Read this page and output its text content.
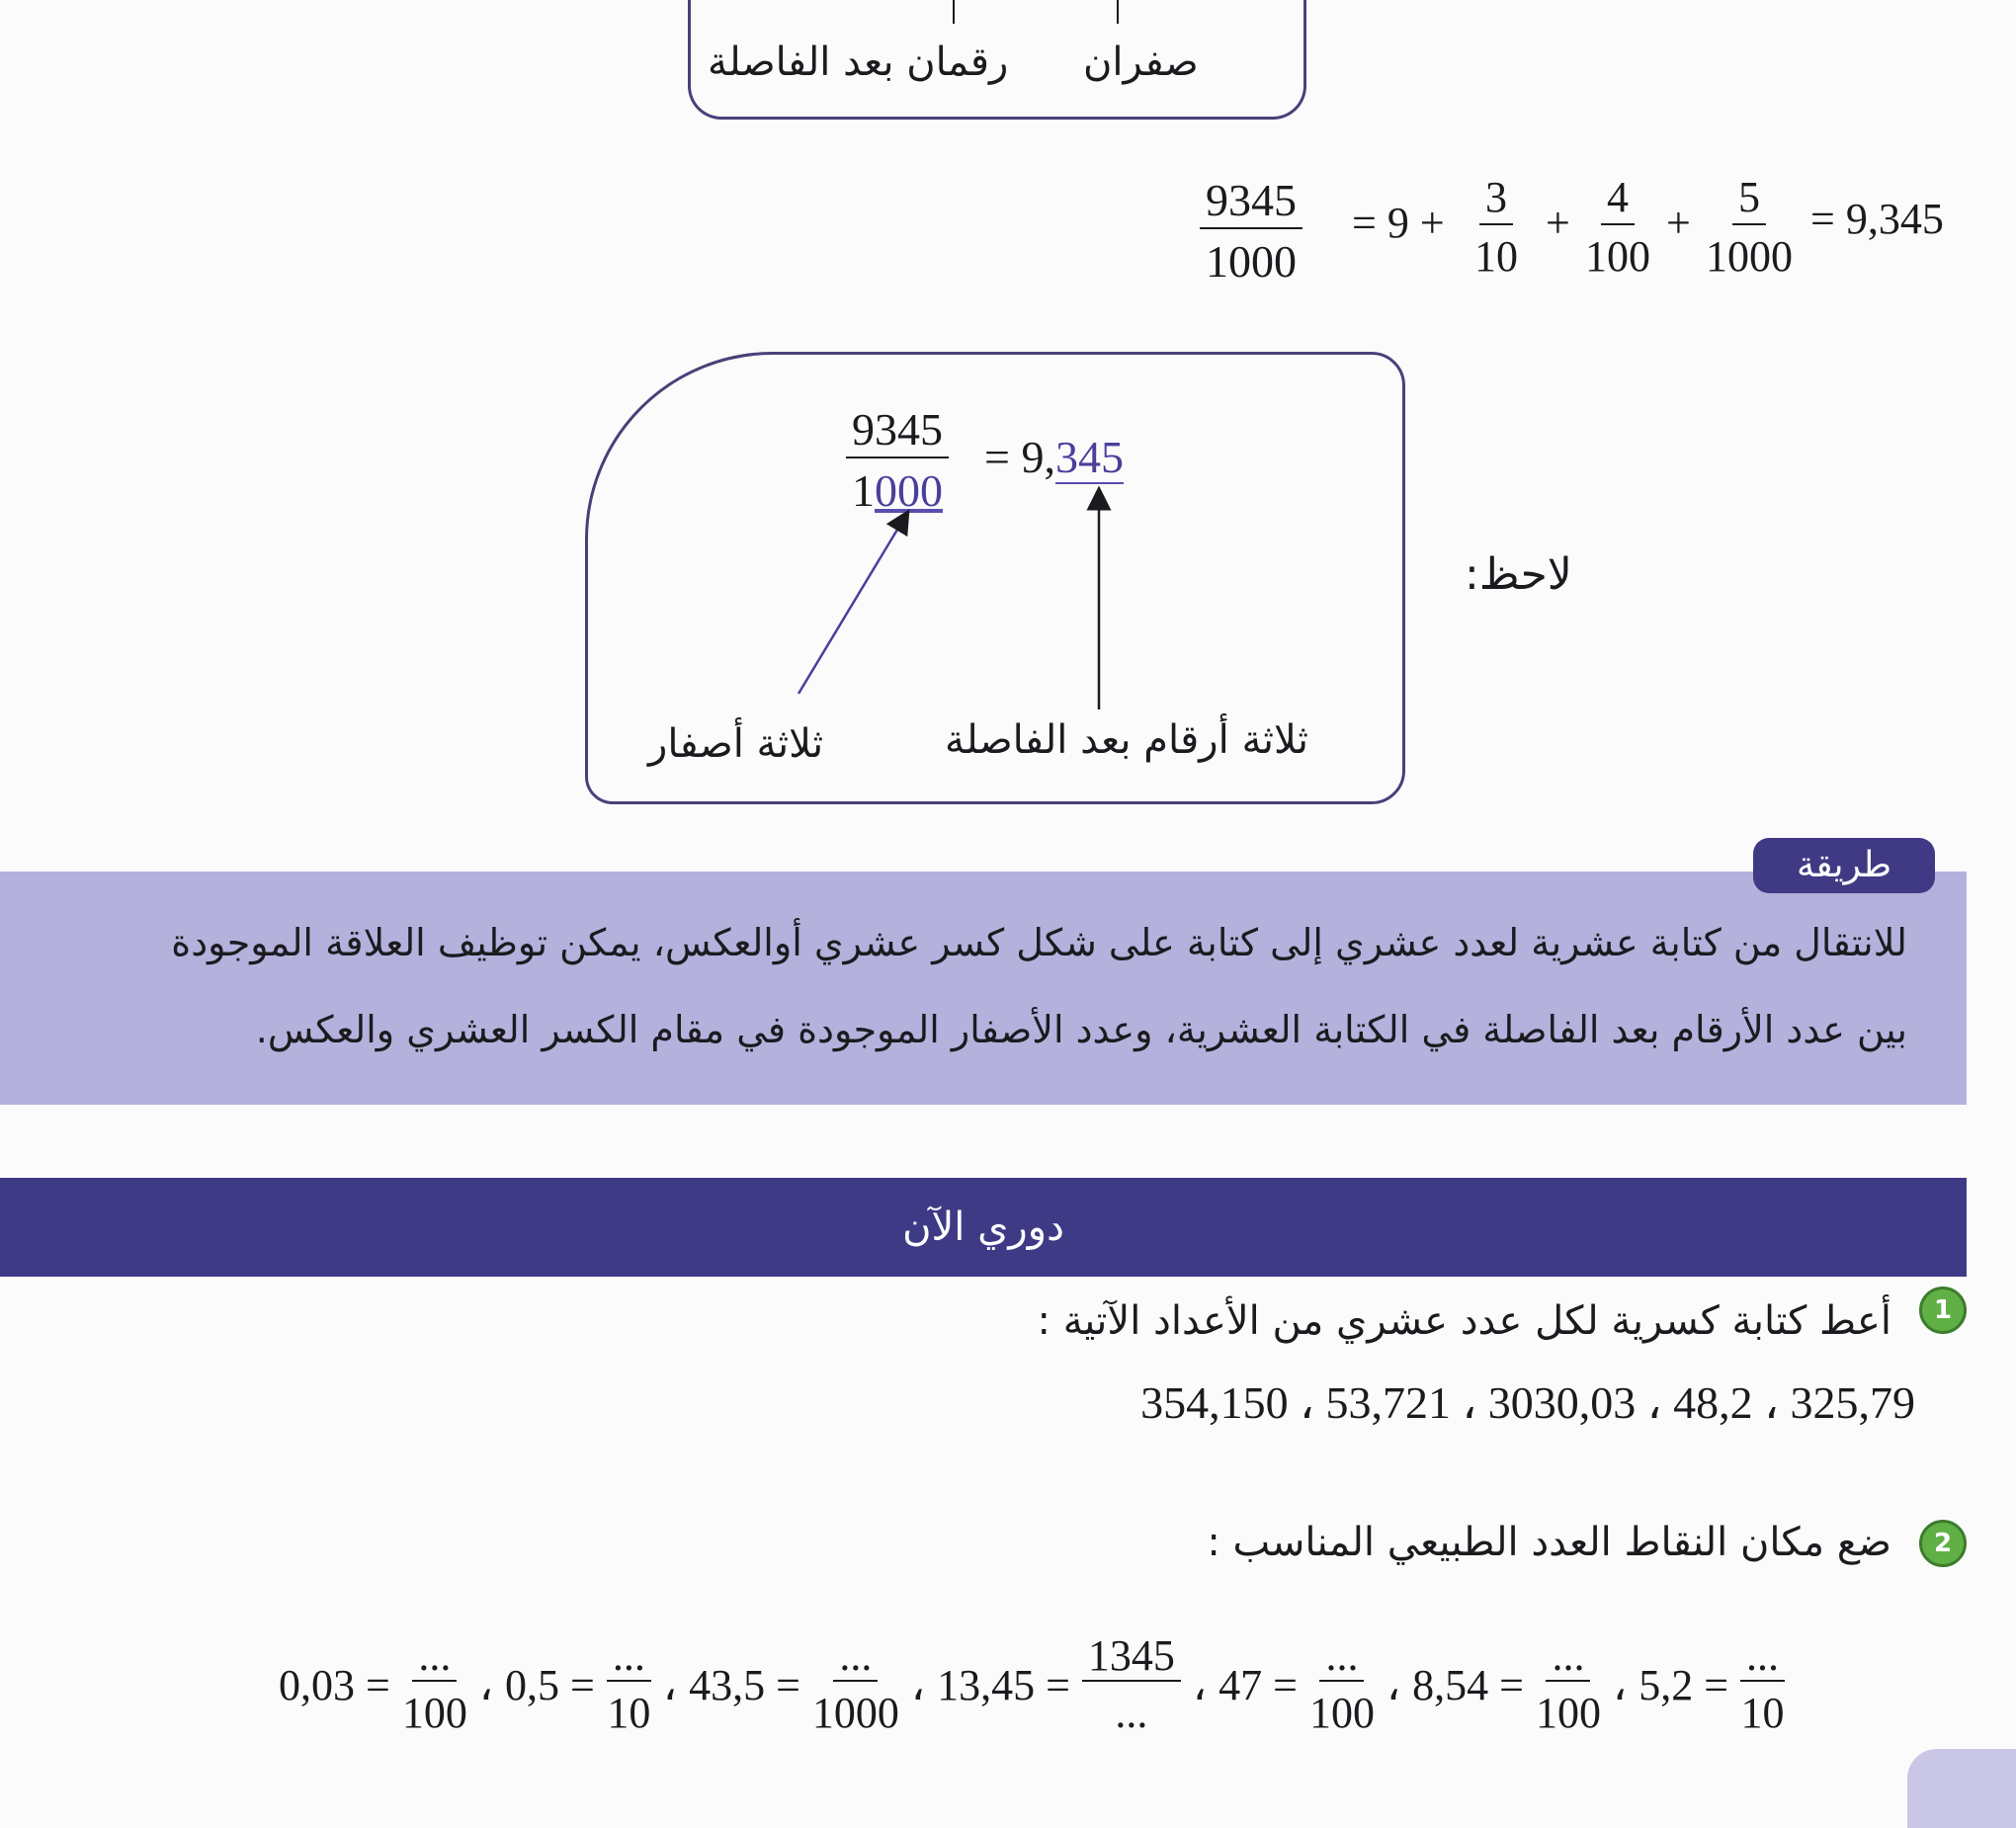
صفران
رقمان بعد الفاصلة
$\frac{9345}{1000} = 9 + \frac{3}{10} + \frac{4}{100} + \frac{5}{1000} = 9,345$
لاحظ:
$\frac{9345}{1000} = 9,345$
ثلاثة أصفار	ثلاثة أرقام بعد الفاصلة
طريقة
للانتقال من كتابة عشرية لعدد عشري إلى كتابة على شكل كسر عشري أوالعكس، يمكن توظيف العلاقة الموجودة
بين عدد الأرقام بعد الفاصلة في الكتابة العشرية، وعدد الأصفار الموجودة في مقام الكسر العشري والعكس.
دوري الآن
1
أعط كتابة كسرية لكل عدد عشري من الأعداد الآتية :
354,150 ، 53,721 ، 3030,03 ، 48,2 ، 325,79
2
ضع مكان النقاط العدد الطبيعي المناسب :
0,03 =
...
100
، 0,5 =
...
10
، 43,5 =
...
1000
، 13,45 =
1345
...
، 47 =
...
100
، 8,54 =
...
100
، 5,2 =
...
10
